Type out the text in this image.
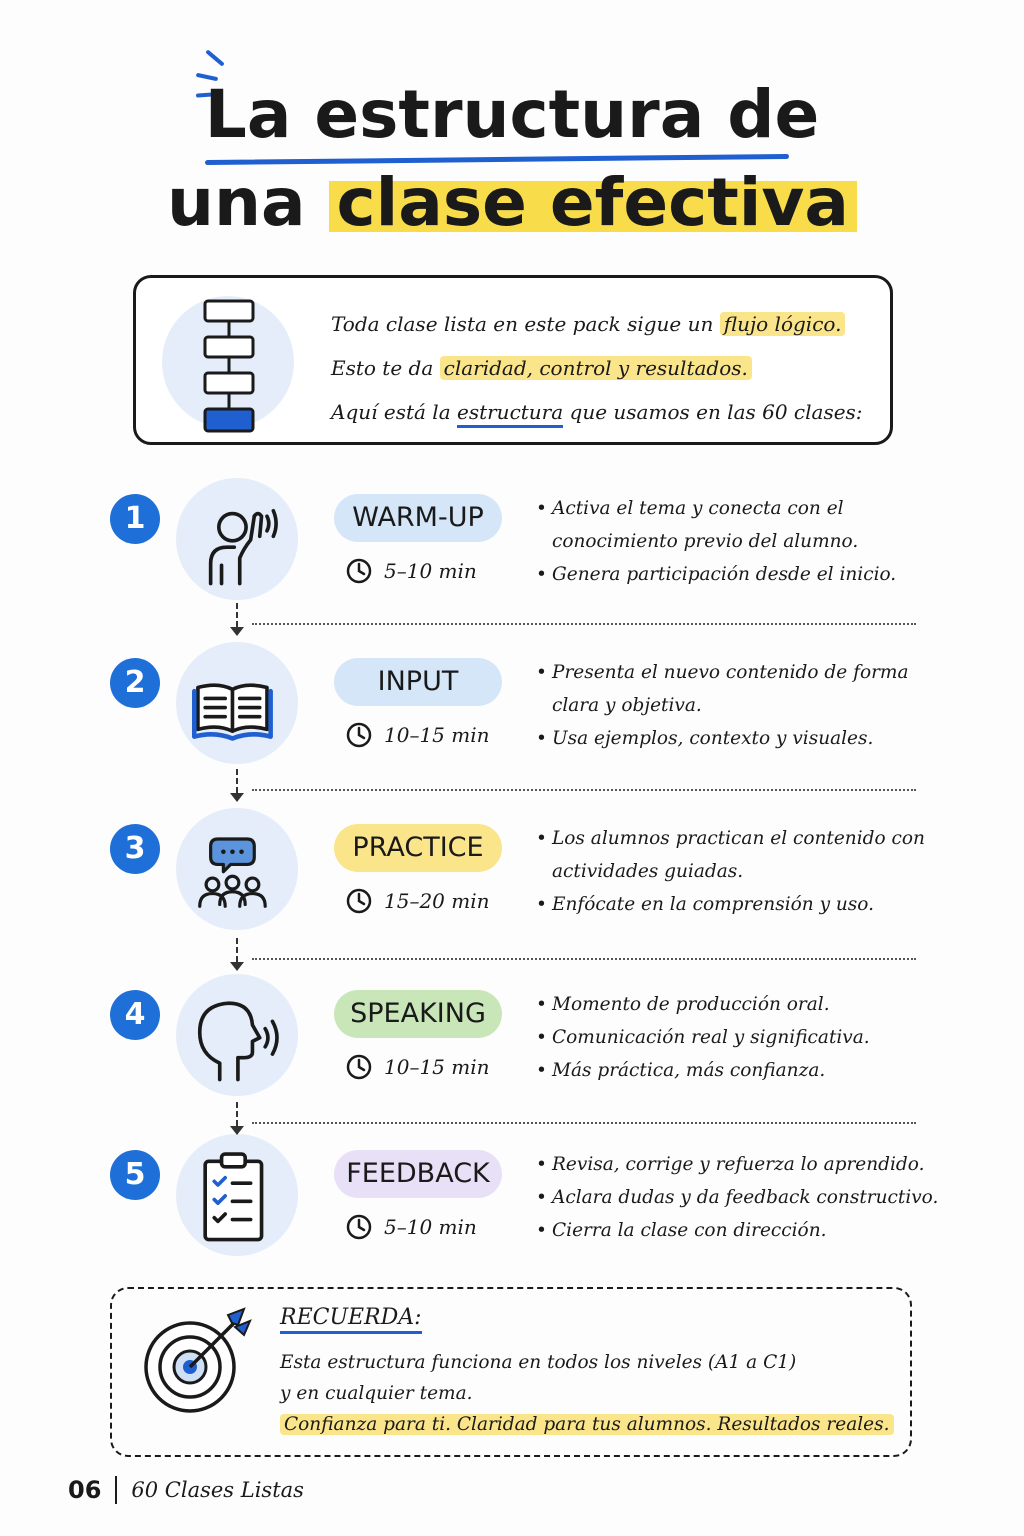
La estructura de
una clase efectiva

Toda clase lista en este pack sigue un flujo lógico.

Esto te da claridad, control y resultados.

Aquí está la estructura que usamos en las 60 clases:

1	WARM-UP
5–10 min
• Activa el tema y conecta con el conocimiento previo del alumno.
• Genera participación desde el inicio.
2	INPUT
10–15 min
• Presenta el nuevo contenido de forma clara y objetiva.
• Usa ejemplos, contexto y visuales.
3	PRACTICE
15–20 min
• Los alumnos practican el contenido con actividades guiadas.
• Enfócate en la comprensión y uso.
4	SPEAKING
10–15 min
• Momento de producción oral.
• Comunicación real y significativa.
• Más práctica, más confianza.
5	FEEDBACK
5–10 min
• Revisa, corrige y refuerza lo aprendido.
• Aclara dudas y da feedback constructivo.
• Cierra la clase con dirección.
RECUERDA:

Esta estructura funciona en todos los niveles (A1 a C1)

y en cualquier tema.

Confianza para ti. Claridad para tus alumnos. Resultados reales.

06 60 Clases Listas
